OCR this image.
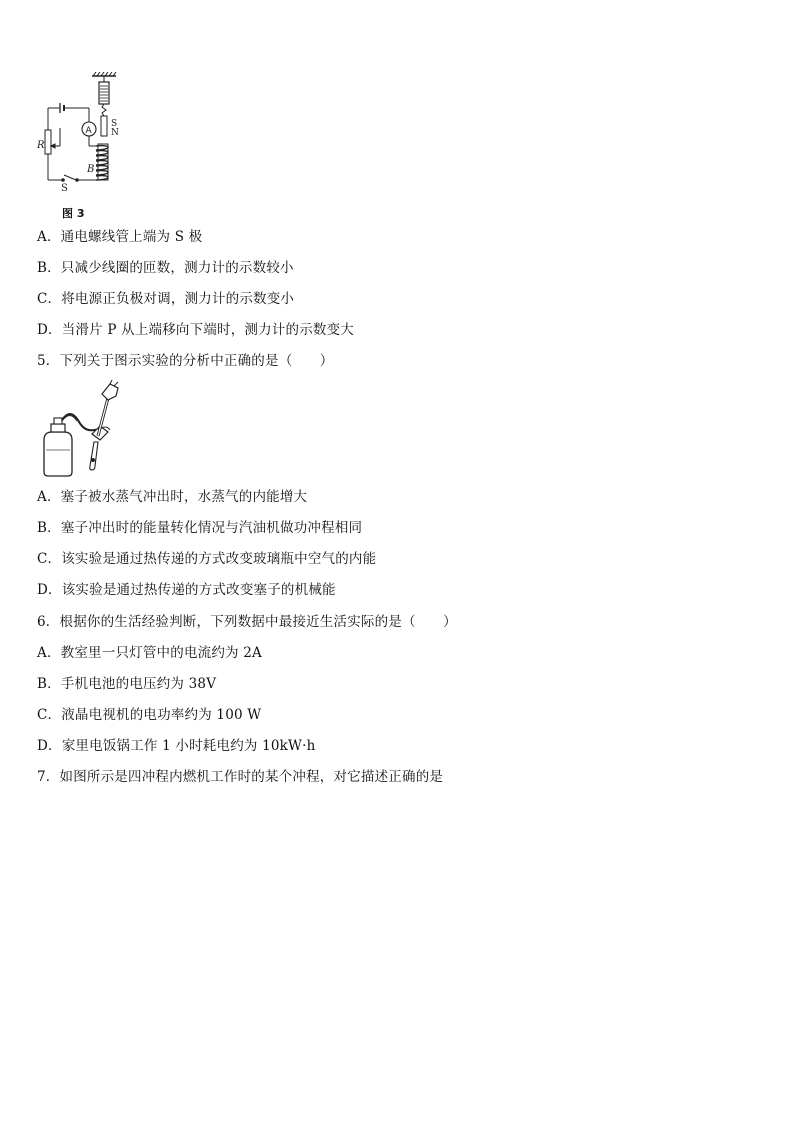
S
N
B
A
R
S
图 3
A．通电螺线管上端为 S 极
B．只减少线圈的匝数，测力计的示数较小
C．将电源正负极对调，测力计的示数变小
D．当滑片 P 从上端移向下端时，测力计的示数变大
5．下列关于图示实验的分析中正确的是（　　）
A．塞子被水蒸气冲出时，水蒸气的内能增大
B．塞子冲出时的能量转化情况与汽油机做功冲程相同
C．该实验是通过热传递的方式改变玻璃瓶中空气的内能
D．该实验是通过热传递的方式改变塞子的机械能
6．根据你的生活经验判断，下列数据中最接近生活实际的是（　　）
A．教室里一只灯管中的电流约为 2A
B．手机电池的电压约为 38V
C．液晶电视机的电功率约为 100 W
D．家里电饭锅工作 1 小时耗电约为 10kW·h
7．如图所示是四冲程内燃机工作时的某个冲程，对它描述正确的是
